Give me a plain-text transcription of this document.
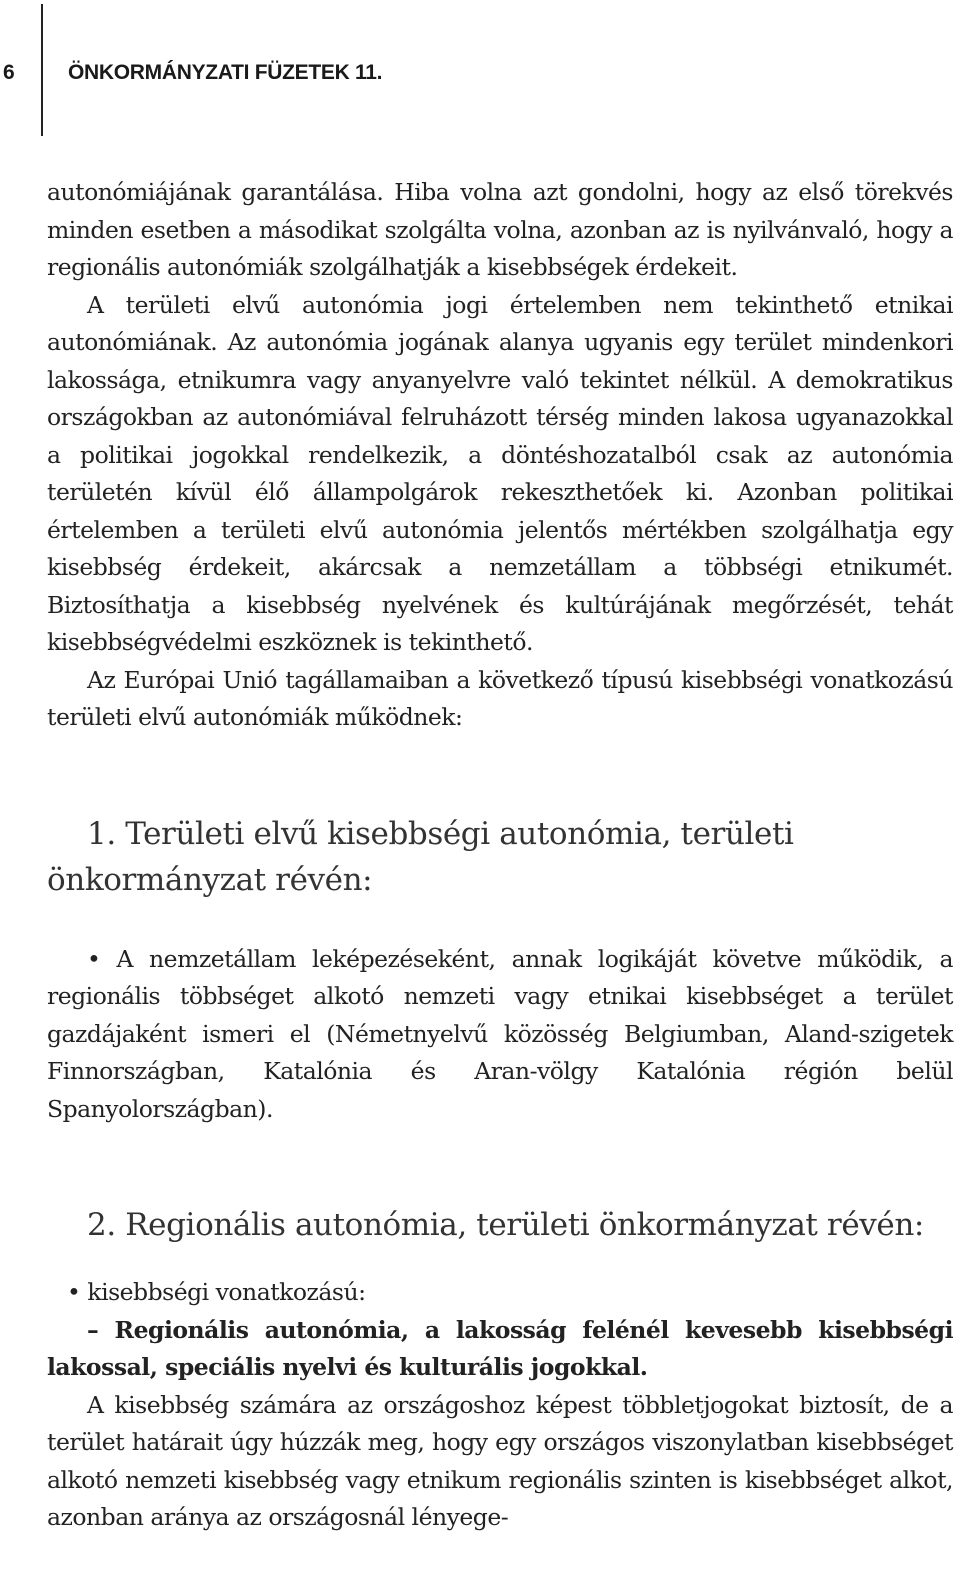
6	ÖNKORMÁNYZATI FÜZETEK 11.

autonómiájának garantálása. Hiba volna azt gondolni, hogy az első törekvés minden esetben a másodikat szolgálta volna, azonban az is nyilvánvaló, hogy a regionális autonómiák szolgálhatják a kisebbségek érdekeit.

A területi elvű autonómia jogi értelemben nem tekinthető etnikai autonómiának. Az autonómia jogának alanya ugyanis egy terület mindenkori lakossága, etnikumra vagy anyanyelvre való tekintet nélkül. A demokratikus országokban az autonómiával felruházott térség minden lakosa ugyanazokkal a politikai jogokkal rendelkezik, a döntéshozatalból csak az autonómia területén kívül élő állampolgárok rekeszthetőek ki. Azonban politikai értelemben a területi elvű autonómia jelentős mértékben szolgálhatja egy kisebbség érdekeit, akárcsak a nemzetállam a többségi etnikumét. Biztosíthatja a kisebbség nyelvének és kultúrájának megőrzését, tehát kisebbségvédelmi eszköznek is tekinthető.

Az Európai Unió tagállamaiban a következő típusú kisebbségi vonatkozású területi elvű autonómiák működnek:

1. Területi elvű kisebbségi autonómia, területi önkormányzat révén:

• A nemzetállam leképezéseként, annak logikáját követve működik, a regionális többséget alkotó nemzeti vagy etnikai kisebbséget a terület gazdájaként ismeri el (Németnyelvű közösség Belgiumban, Aland-szigetek Finnországban, Katalónia és Aran-völgy Katalónia régión belül Spanyolországban).

2. Regionális autonómia, területi önkormányzat révén:

• kisebbségi vonatkozású:

– Regionális autonómia, a lakosság felénél kevesebb kisebbségi lakossal, speciális nyelvi és kulturális jogokkal.

A kisebbség számára az országoshoz képest többletjogokat biztosít, de a terület határait úgy húzzák meg, hogy egy országos viszonylatban kisebbséget alkotó nemzeti kisebbség vagy etnikum regionális szinten is kisebbséget alkot, azonban aránya az országosnál lényege-
